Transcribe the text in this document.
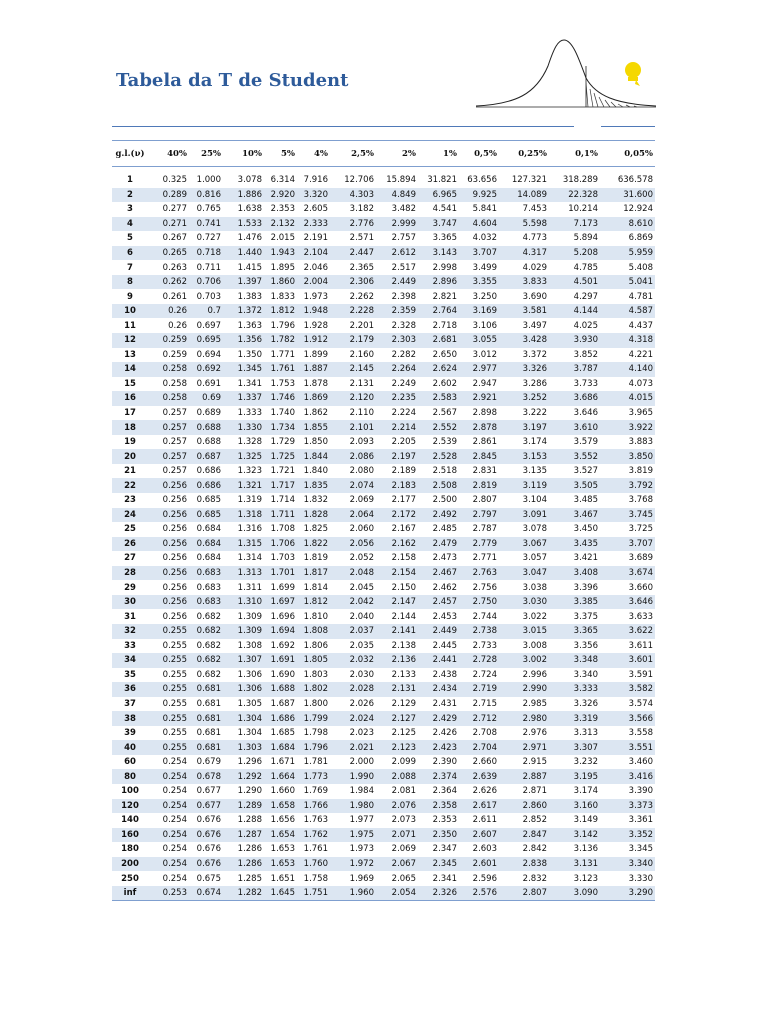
Tabela da T de Student
g.l.(ν)	40%	25%	10%	5%	4%	2,5%	2%	1%	0,5%	0,25%	0,1%	0,05%

1	0.325	1.000	3.078	6.314	7.916	12.706	15.894	31.821	63.656	127.321	318.289	636.578
2	0.289	0.816	1.886	2.920	3.320	4.303	4.849	6.965	9.925	14.089	22.328	31.600
3	0.277	0.765	1.638	2.353	2.605	3.182	3.482	4.541	5.841	7.453	10.214	12.924
4	0.271	0.741	1.533	2.132	2.333	2.776	2.999	3.747	4.604	5.598	7.173	8.610
5	0.267	0.727	1.476	2.015	2.191	2.571	2.757	3.365	4.032	4.773	5.894	6.869
6	0.265	0.718	1.440	1.943	2.104	2.447	2.612	3.143	3.707	4.317	5.208	5.959
7	0.263	0.711	1.415	1.895	2.046	2.365	2.517	2.998	3.499	4.029	4.785	5.408
8	0.262	0.706	1.397	1.860	2.004	2.306	2.449	2.896	3.355	3.833	4.501	5.041
9	0.261	0.703	1.383	1.833	1.973	2.262	2.398	2.821	3.250	3.690	4.297	4.781
10	0.26	0.7	1.372	1.812	1.948	2.228	2.359	2.764	3.169	3.581	4.144	4.587
11	0.26	0.697	1.363	1.796	1.928	2.201	2.328	2.718	3.106	3.497	4.025	4.437
12	0.259	0.695	1.356	1.782	1.912	2.179	2.303	2.681	3.055	3.428	3.930	4.318
13	0.259	0.694	1.350	1.771	1.899	2.160	2.282	2.650	3.012	3.372	3.852	4.221
14	0.258	0.692	1.345	1.761	1.887	2.145	2.264	2.624	2.977	3.326	3.787	4.140
15	0.258	0.691	1.341	1.753	1.878	2.131	2.249	2.602	2.947	3.286	3.733	4.073
16	0.258	0.69	1.337	1.746	1.869	2.120	2.235	2.583	2.921	3.252	3.686	4.015
17	0.257	0.689	1.333	1.740	1.862	2.110	2.224	2.567	2.898	3.222	3.646	3.965
18	0.257	0.688	1.330	1.734	1.855	2.101	2.214	2.552	2.878	3.197	3.610	3.922
19	0.257	0.688	1.328	1.729	1.850	2.093	2.205	2.539	2.861	3.174	3.579	3.883
20	0.257	0.687	1.325	1.725	1.844	2.086	2.197	2.528	2.845	3.153	3.552	3.850
21	0.257	0.686	1.323	1.721	1.840	2.080	2.189	2.518	2.831	3.135	3.527	3.819
22	0.256	0.686	1.321	1.717	1.835	2.074	2.183	2.508	2.819	3.119	3.505	3.792
23	0.256	0.685	1.319	1.714	1.832	2.069	2.177	2.500	2.807	3.104	3.485	3.768
24	0.256	0.685	1.318	1.711	1.828	2.064	2.172	2.492	2.797	3.091	3.467	3.745
25	0.256	0.684	1.316	1.708	1.825	2.060	2.167	2.485	2.787	3.078	3.450	3.725
26	0.256	0.684	1.315	1.706	1.822	2.056	2.162	2.479	2.779	3.067	3.435	3.707
27	0.256	0.684	1.314	1.703	1.819	2.052	2.158	2.473	2.771	3.057	3.421	3.689
28	0.256	0.683	1.313	1.701	1.817	2.048	2.154	2.467	2.763	3.047	3.408	3.674
29	0.256	0.683	1.311	1.699	1.814	2.045	2.150	2.462	2.756	3.038	3.396	3.660
30	0.256	0.683	1.310	1.697	1.812	2.042	2.147	2.457	2.750	3.030	3.385	3.646
31	0.256	0.682	1.309	1.696	1.810	2.040	2.144	2.453	2.744	3.022	3.375	3.633
32	0.255	0.682	1.309	1.694	1.808	2.037	2.141	2.449	2.738	3.015	3.365	3.622
33	0.255	0.682	1.308	1.692	1.806	2.035	2.138	2.445	2.733	3.008	3.356	3.611
34	0.255	0.682	1.307	1.691	1.805	2.032	2.136	2.441	2.728	3.002	3.348	3.601
35	0.255	0.682	1.306	1.690	1.803	2.030	2.133	2.438	2.724	2.996	3.340	3.591
36	0.255	0.681	1.306	1.688	1.802	2.028	2.131	2.434	2.719	2.990	3.333	3.582
37	0.255	0.681	1.305	1.687	1.800	2.026	2.129	2.431	2.715	2.985	3.326	3.574
38	0.255	0.681	1.304	1.686	1.799	2.024	2.127	2.429	2.712	2.980	3.319	3.566
39	0.255	0.681	1.304	1.685	1.798	2.023	2.125	2.426	2.708	2.976	3.313	3.558
40	0.255	0.681	1.303	1.684	1.796	2.021	2.123	2.423	2.704	2.971	3.307	3.551
60	0.254	0.679	1.296	1.671	1.781	2.000	2.099	2.390	2.660	2.915	3.232	3.460
80	0.254	0.678	1.292	1.664	1.773	1.990	2.088	2.374	2.639	2.887	3.195	3.416
100	0.254	0.677	1.290	1.660	1.769	1.984	2.081	2.364	2.626	2.871	3.174	3.390
120	0.254	0.677	1.289	1.658	1.766	1.980	2.076	2.358	2.617	2.860	3.160	3.373
140	0.254	0.676	1.288	1.656	1.763	1.977	2.073	2.353	2.611	2.852	3.149	3.361
160	0.254	0.676	1.287	1.654	1.762	1.975	2.071	2.350	2.607	2.847	3.142	3.352
180	0.254	0.676	1.286	1.653	1.761	1.973	2.069	2.347	2.603	2.842	3.136	3.345
200	0.254	0.676	1.286	1.653	1.760	1.972	2.067	2.345	2.601	2.838	3.131	3.340
250	0.254	0.675	1.285	1.651	1.758	1.969	2.065	2.341	2.596	2.832	3.123	3.330
inf	0.253	0.674	1.282	1.645	1.751	1.960	2.054	2.326	2.576	2.807	3.090	3.290
